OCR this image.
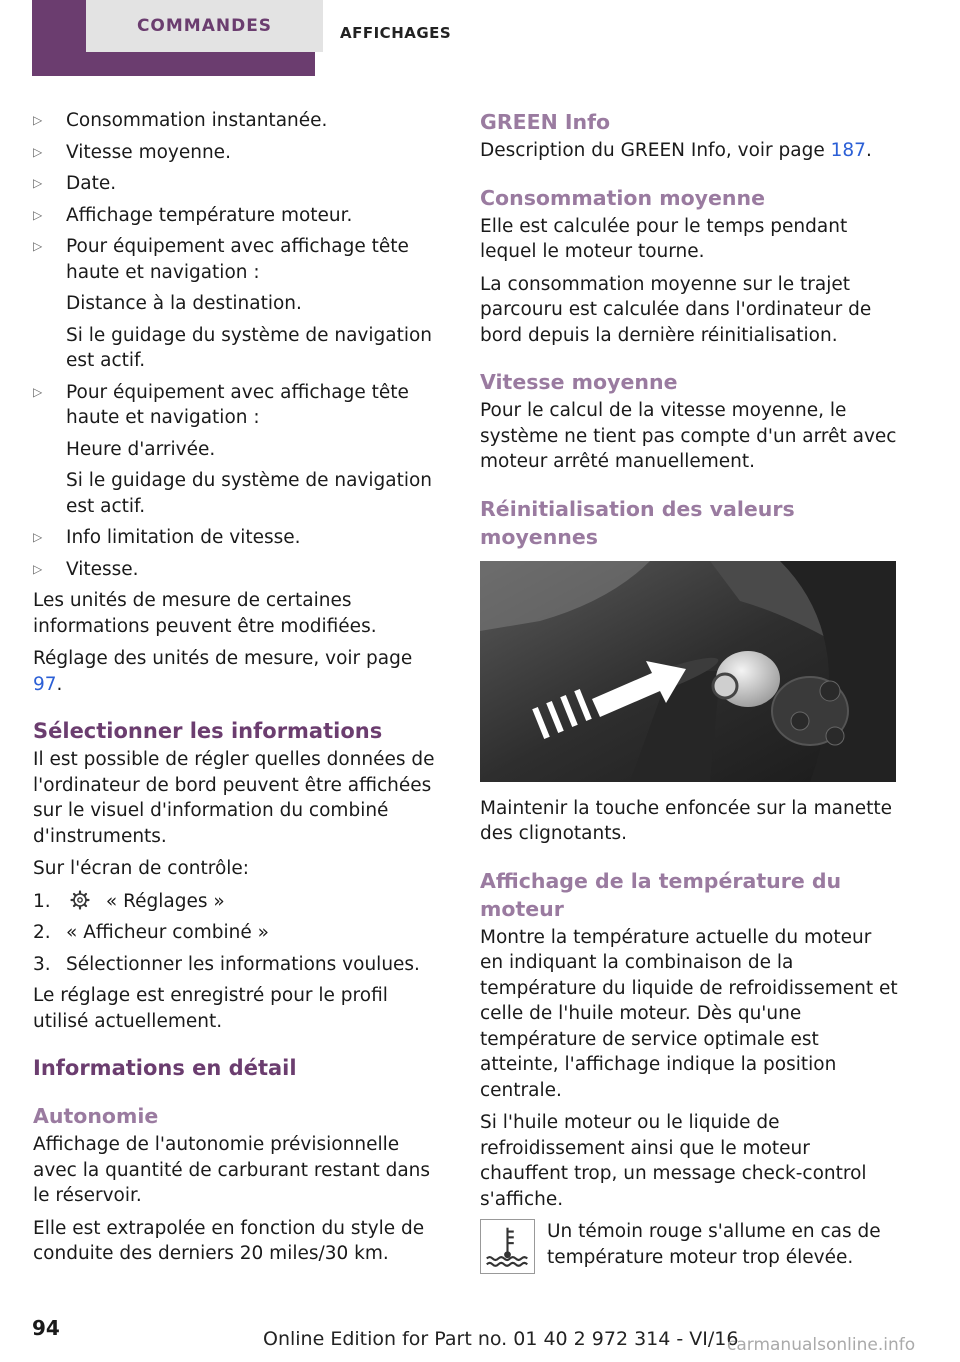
COMMANDES	AFFICHAGES
▷ Consommation instantanée.
▷ Vitesse moyenne.
▷ Date.
▷ Affichage température moteur.
▷ Pour équipement avec affichage tête haute et navigation :
Distance à la destination.
Si le guidage du système de navigation est actif.
▷ Pour équipement avec affichage tête haute et navigation :
Heure d'arrivée.
Si le guidage du système de navigation est actif.
▷ Info limitation de vitesse.
▷ Vitesse.

Les unités de mesure de certaines informations peuvent être modifiées.

Réglage des unités de mesure, voir page 97.

Sélectionner les informations

Il est possible de régler quelles données de l'ordinateur de bord peuvent être affichées sur le visuel d'information du combiné d'instruments.

Sur l'écran de contrôle:

1.	« Réglages »
2. « Afficheur combiné »
3. Sélectionner les informations voulues.

Le réglage est enregistré pour le profil utilisé actuellement.

Informations en détail
Autonomie

Affichage de l'autonomie prévisionnelle avec la quantité de carburant restant dans le réservoir.

Elle est extrapolée en fonction du style de conduite des derniers 20 miles/30 km.

GREEN Info

Description du GREEN Info, voir page 187.

Consommation moyenne

Elle est calculée pour le temps pendant lequel le moteur tourne.

La consommation moyenne sur le trajet parcouru est calculée dans l'ordinateur de bord depuis la dernière réinitialisation.

Vitesse moyenne

Pour le calcul de la vitesse moyenne, le système ne tient pas compte d'un arrêt avec moteur arrêté manuellement.

Réinitialisation des valeurs moyennes

Maintenir la touche enfoncée sur la manette des clignotants.

Affichage de la température du moteur

Montre la température actuelle du moteur en indiquant la combinaison de la température du liquide de refroidissement et celle de l'huile moteur. Dès qu'une température de service optimale est atteinte, l'affichage indique la position centrale.

Si l'huile moteur ou le liquide de refroidissement ainsi que le moteur chauffent trop, un message check-control s'affiche.

Un témoin rouge s'allume en cas de température moteur trop élevée.
94	Online Edition for Part no. 01 40 2 972 314 - VI/16
carmanualsonline.info
